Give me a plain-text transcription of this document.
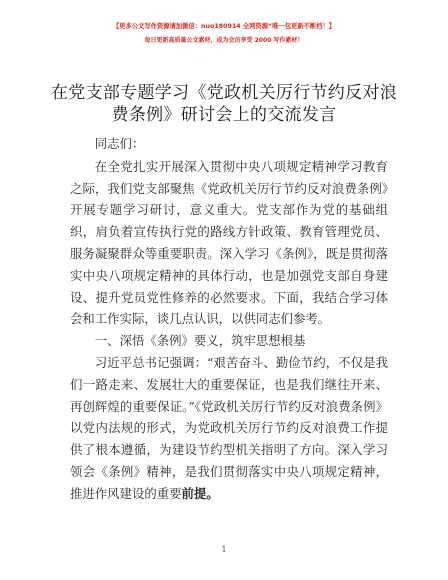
【更多公文写作资源请加微信：nuo180914 全网资源“唯一包更新不断档！】
每日更新高质量公文素材，成为会员享受 2000 写作素材！
在党支部专题学习《党政机关厉行节约反对浪
费条例》研讨会上的交流发言

同志们：

在全党扎实开展深入贯彻中央八项规定精神学习教育之际，我们党支部聚焦《党政机关厉行节约反对浪费条例》开展专题学习研讨，意义重大。党支部作为党的基础组织，肩负着宣传执行党的路线方针政策、教育管理党员、服务凝聚群众等重要职责。深入学习《条例》，既是贯彻落实中央八项规定精神的具体行动，也是加强党支部自身建设、提升党员党性修养的必然要求。下面，我结合学习体会和工作实际，谈几点认识，以供同志们参考。

一、深悟《条例》要义，筑牢思想根基

习近平总书记强调：“艰苦奋斗、勤俭节约，不仅是我们一路走来、发展壮大的重要保证，也是我们继往开来、再创辉煌的重要保证。”《党政机关厉行节约反对浪费条例》以党内法规的形式，为党政机关厉行节约反对浪费工作提供了根本遵循，为建设节约型机关指明了方向。深入学习领会《条例》精神，是我们贯彻落实中央八项规定精神，推进作风建设的重要前提。

1
